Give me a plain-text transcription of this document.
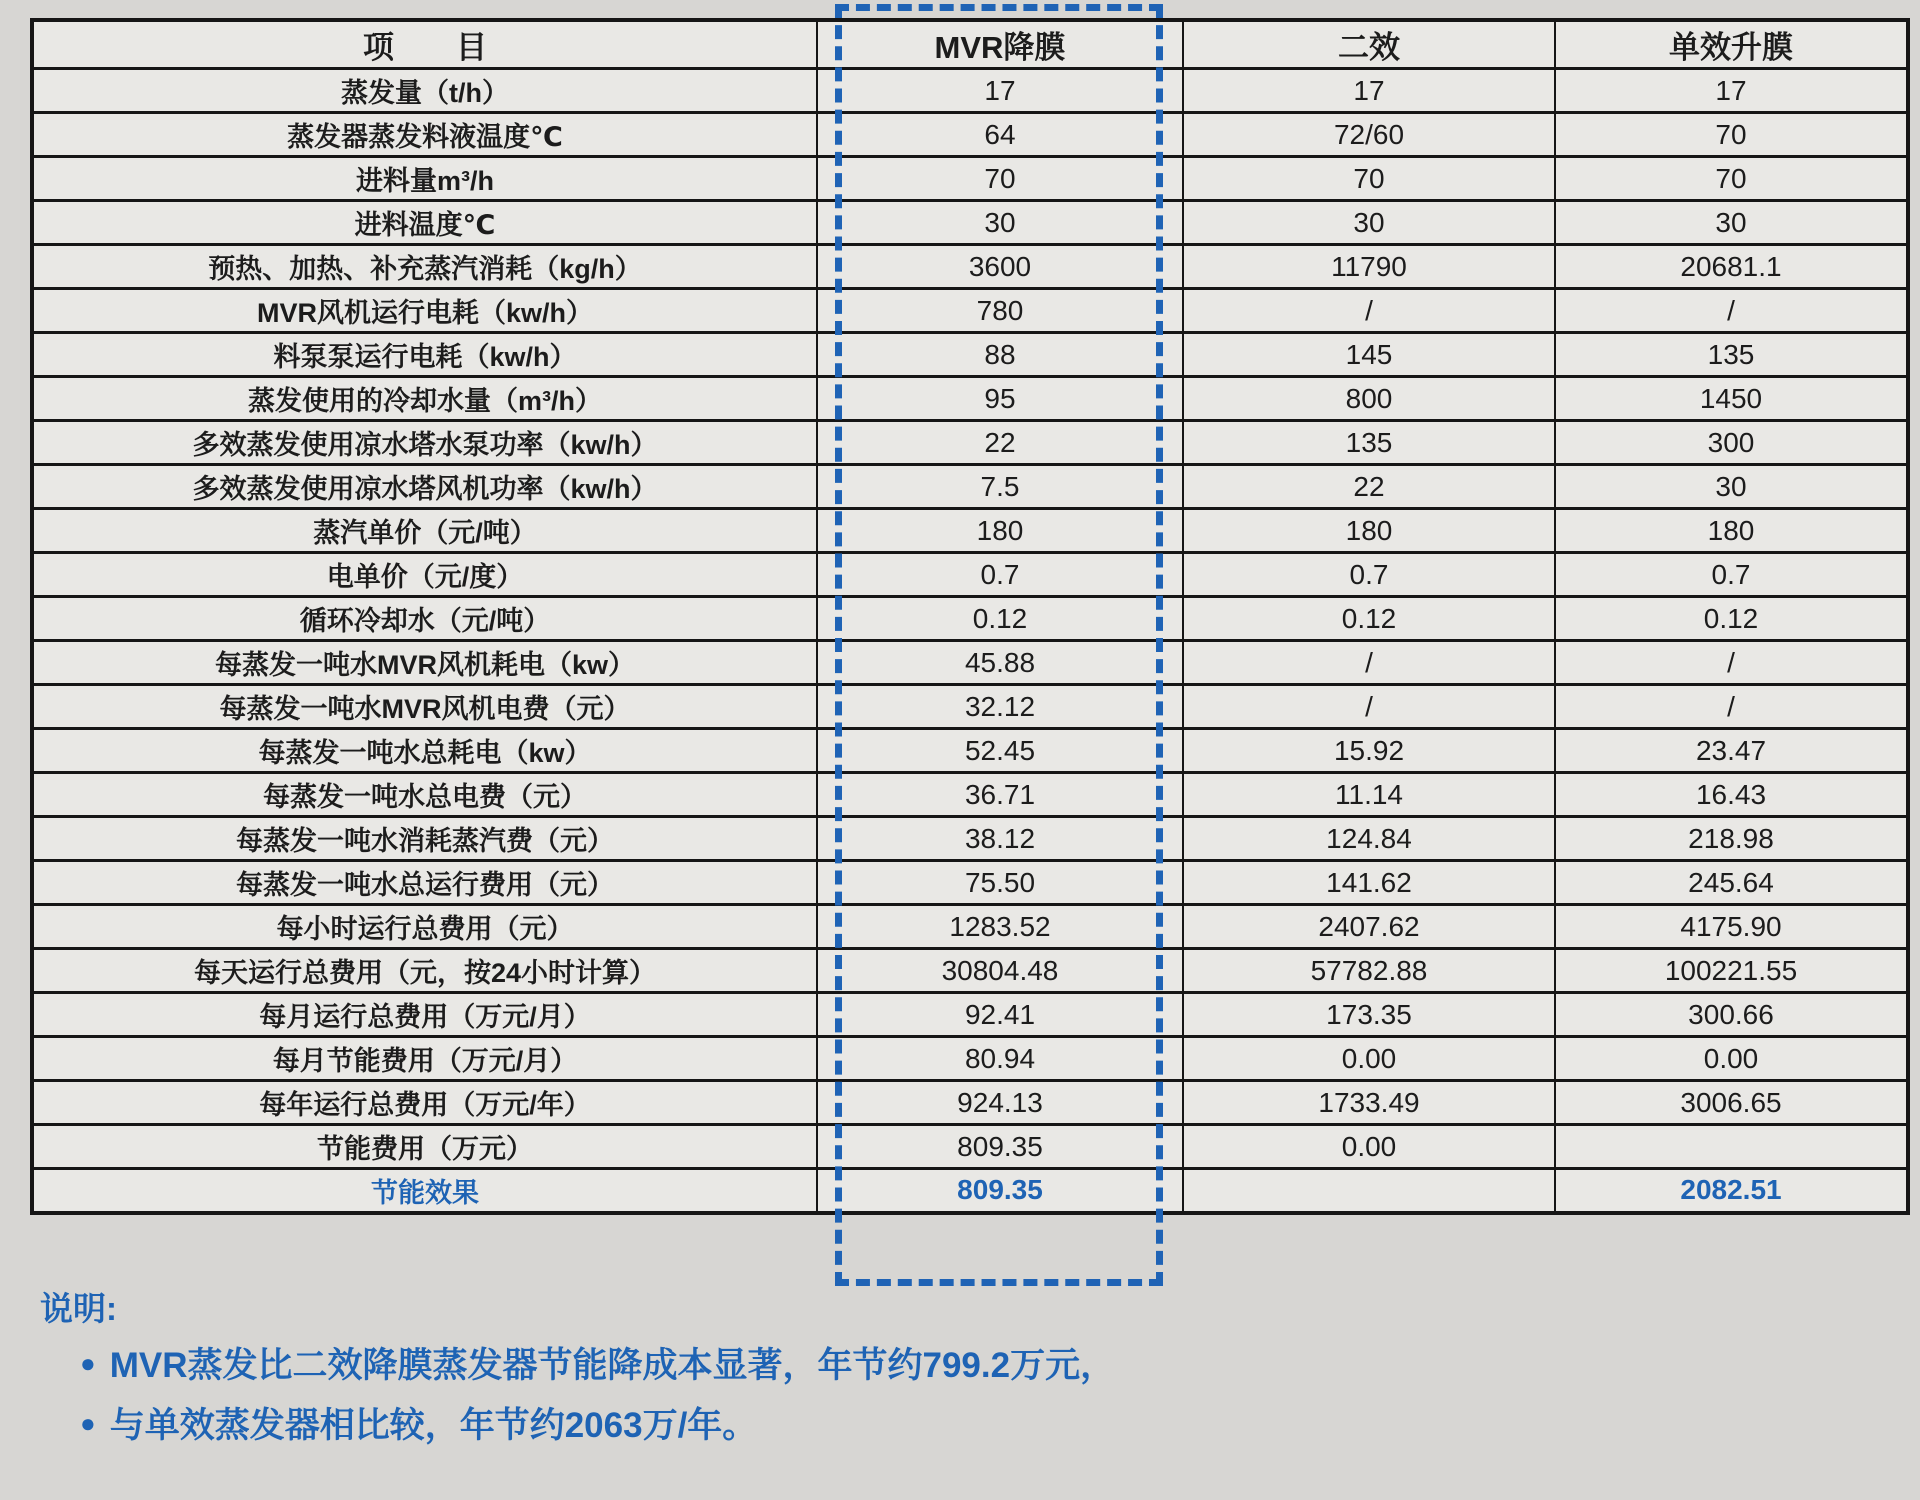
项　　目	MVR降膜	二效	单效升膜
蒸发量（t/h）	17	17	17
蒸发器蒸发料液温度℃	64	72/60	70
进料量m³/h	70	70	70
进料温度℃	30	30	30
预热、加热、补充蒸汽消耗（kg/h）	3600	11790	20681.1
MVR风机运行电耗（kw/h）	780	/	/
料泵泵运行电耗（kw/h）	88	145	135
蒸发使用的冷却水量（m³/h）	95	800	1450
多效蒸发使用凉水塔水泵功率（kw/h）	22	135	300
多效蒸发使用凉水塔风机功率（kw/h）	7.5	22	30
蒸汽单价（元/吨）	180	180	180
电单价（元/度）	0.7	0.7	0.7
循环冷却水（元/吨）	0.12	0.12	0.12
每蒸发一吨水MVR风机耗电（kw）	45.88	/	/
每蒸发一吨水MVR风机电费（元）	32.12	/	/
每蒸发一吨水总耗电（kw）	52.45	15.92	23.47
每蒸发一吨水总电费（元）	36.71	11.14	16.43
每蒸发一吨水消耗蒸汽费（元）	38.12	124.84	218.98
每蒸发一吨水总运行费用（元）	75.50	141.62	245.64
每小时运行总费用（元）	1283.52	2407.62	4175.90
每天运行总费用（元，按24小时计算）	30804.48	57782.88	100221.55
每月运行总费用（万元/月）	92.41	173.35	300.66
每月节能费用（万元/月）	80.94	0.00	0.00
每年运行总费用（万元/年）	924.13	1733.49	3006.65
节能费用（万元）	809.35	0.00	
节能效果	809.35		2082.51
说明:
● MVR蒸发比二效降膜蒸发器节能降成本显著，年节约799.2万元，
● 与单效蒸发器相比较，年节约2063万/年。
